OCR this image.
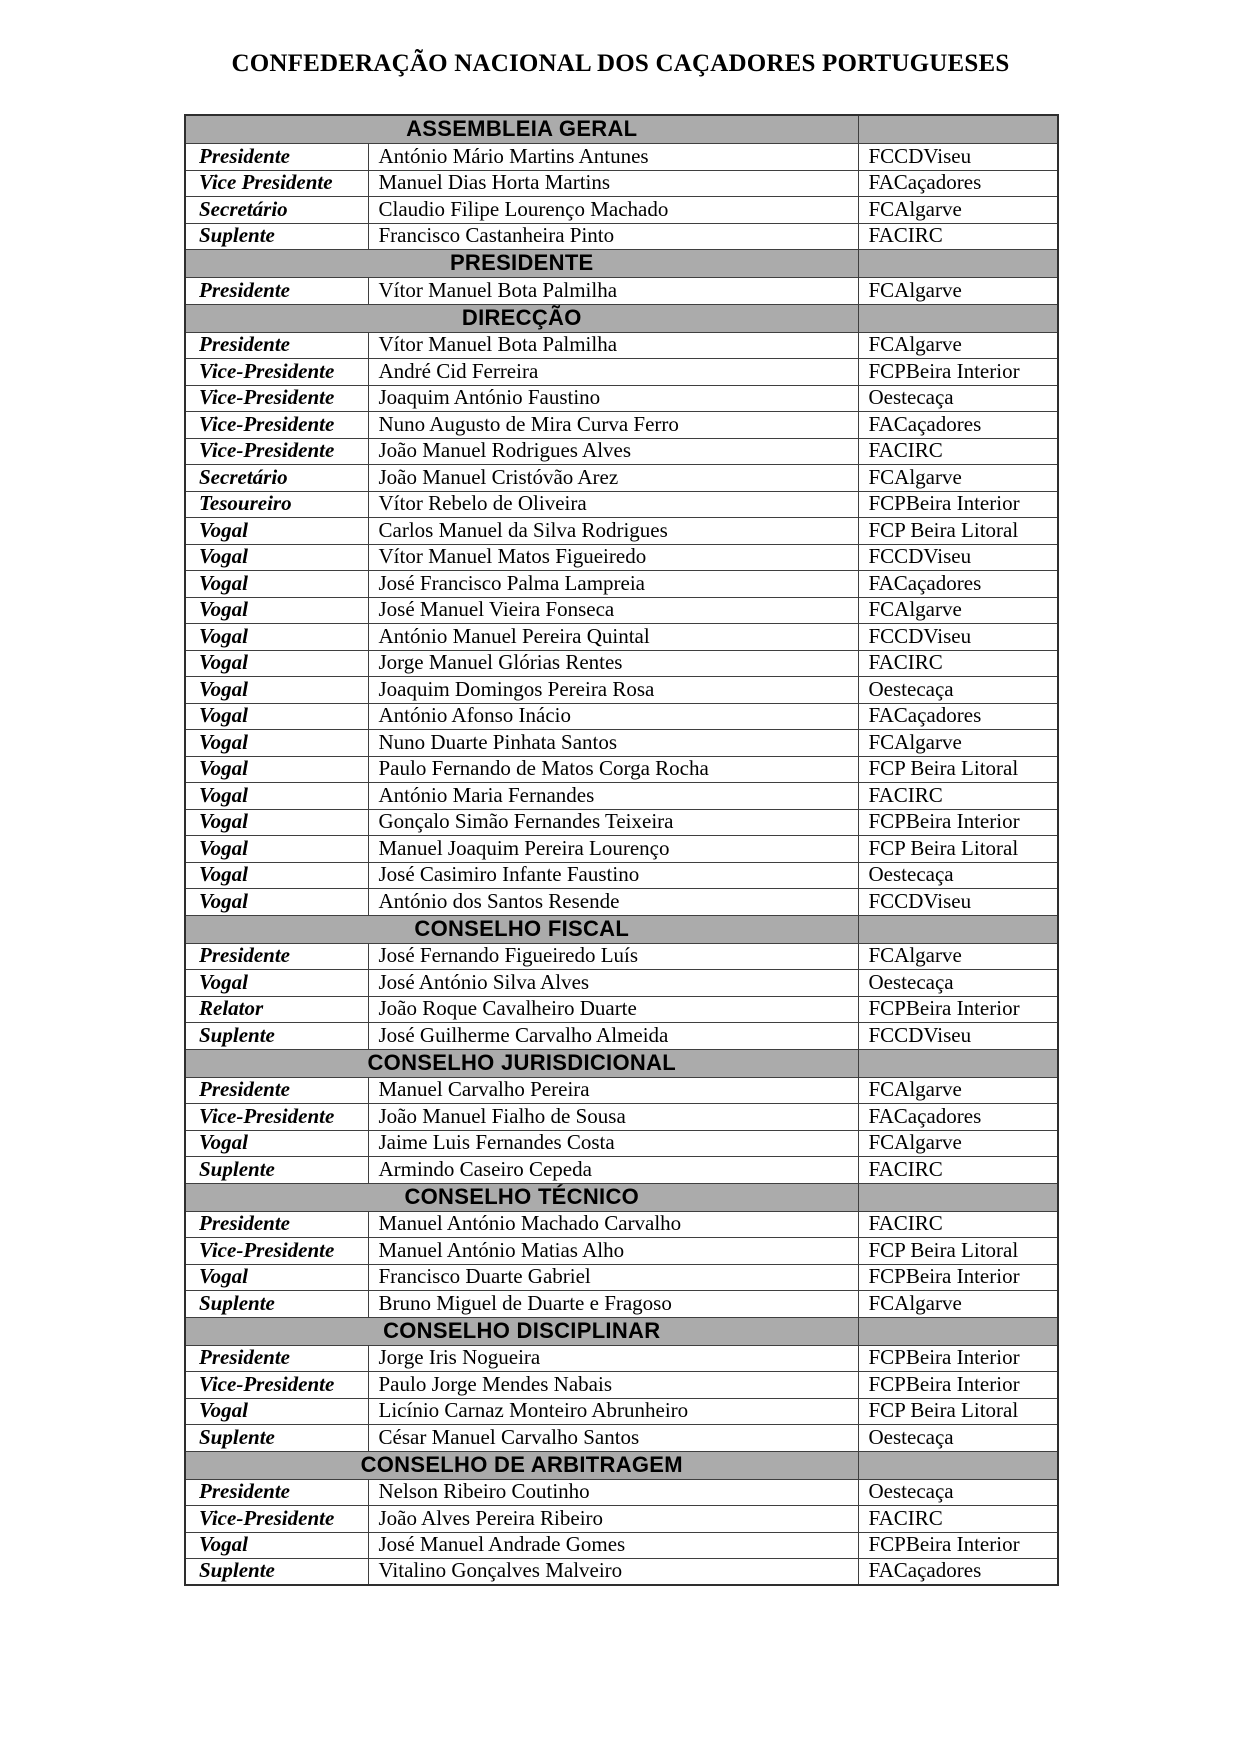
CONFEDERAÇÃO NACIONAL DOS CAÇADORES PORTUGUESES
ASSEMBLEIA GERAL		
Presidente	António Mário Martins Antunes	FCCDViseu
Vice Presidente	Manuel Dias Horta Martins	FACaçadores
Secretário	Claudio Filipe Lourenço Machado	FCAlgarve
Suplente	Francisco Castanheira Pinto	FACIRC
PRESIDENTE		
Presidente	Vítor Manuel Bota Palmilha	FCAlgarve
DIRECÇÃO		
Presidente	Vítor Manuel Bota Palmilha	FCAlgarve
Vice-Presidente	André Cid Ferreira	FCPBeira Interior
Vice-Presidente	Joaquim António Faustino	Oestecaça
Vice-Presidente	Nuno Augusto de Mira Curva Ferro	FACaçadores
Vice-Presidente	João Manuel Rodrigues Alves	FACIRC
Secretário	João Manuel Cristóvão Arez	FCAlgarve
Tesoureiro	Vítor Rebelo de Oliveira	FCPBeira Interior
Vogal	Carlos Manuel da Silva Rodrigues	FCP Beira Litoral
Vogal	Vítor Manuel Matos Figueiredo	FCCDViseu
Vogal	José Francisco Palma Lampreia	FACaçadores
Vogal	José Manuel Vieira Fonseca	FCAlgarve
Vogal	António Manuel Pereira Quintal	FCCDViseu
Vogal	Jorge Manuel Glórias Rentes	FACIRC
Vogal	Joaquim Domingos Pereira Rosa	Oestecaça
Vogal	António Afonso Inácio	FACaçadores
Vogal	Nuno Duarte Pinhata Santos	FCAlgarve
Vogal	Paulo Fernando de Matos Corga Rocha	FCP Beira Litoral
Vogal	António Maria Fernandes	FACIRC
Vogal	Gonçalo Simão Fernandes Teixeira	FCPBeira Interior
Vogal	Manuel Joaquim Pereira Lourenço	FCP Beira Litoral
Vogal	José Casimiro Infante Faustino	Oestecaça
Vogal	António dos Santos Resende	FCCDViseu
CONSELHO FISCAL		
Presidente	José Fernando Figueiredo Luís	FCAlgarve
Vogal	José António Silva Alves	Oestecaça
Relator	João Roque Cavalheiro Duarte	FCPBeira Interior
Suplente	José Guilherme Carvalho Almeida	FCCDViseu
CONSELHO JURISDICIONAL		
Presidente	Manuel Carvalho Pereira	FCAlgarve
Vice-Presidente	João Manuel Fialho de Sousa	FACaçadores
Vogal	Jaime Luis Fernandes Costa	FCAlgarve
Suplente	Armindo Caseiro Cepeda	FACIRC
CONSELHO TÉCNICO		
Presidente	Manuel António Machado Carvalho	FACIRC
Vice-Presidente	Manuel António Matias Alho	FCP Beira Litoral
Vogal	Francisco Duarte Gabriel	FCPBeira Interior
Suplente	Bruno Miguel de Duarte e Fragoso	FCAlgarve
CONSELHO DISCIPLINAR		
Presidente	Jorge Iris Nogueira	FCPBeira Interior
Vice-Presidente	Paulo Jorge Mendes Nabais	FCPBeira Interior
Vogal	Licínio Carnaz Monteiro Abrunheiro	FCP Beira Litoral
Suplente	César Manuel Carvalho Santos	Oestecaça
CONSELHO DE ARBITRAGEM		
Presidente	Nelson Ribeiro Coutinho	Oestecaça
Vice-Presidente	João Alves Pereira Ribeiro	FACIRC
Vogal	José Manuel Andrade Gomes	FCPBeira Interior
Suplente	Vitalino Gonçalves Malveiro	FACaçadores
